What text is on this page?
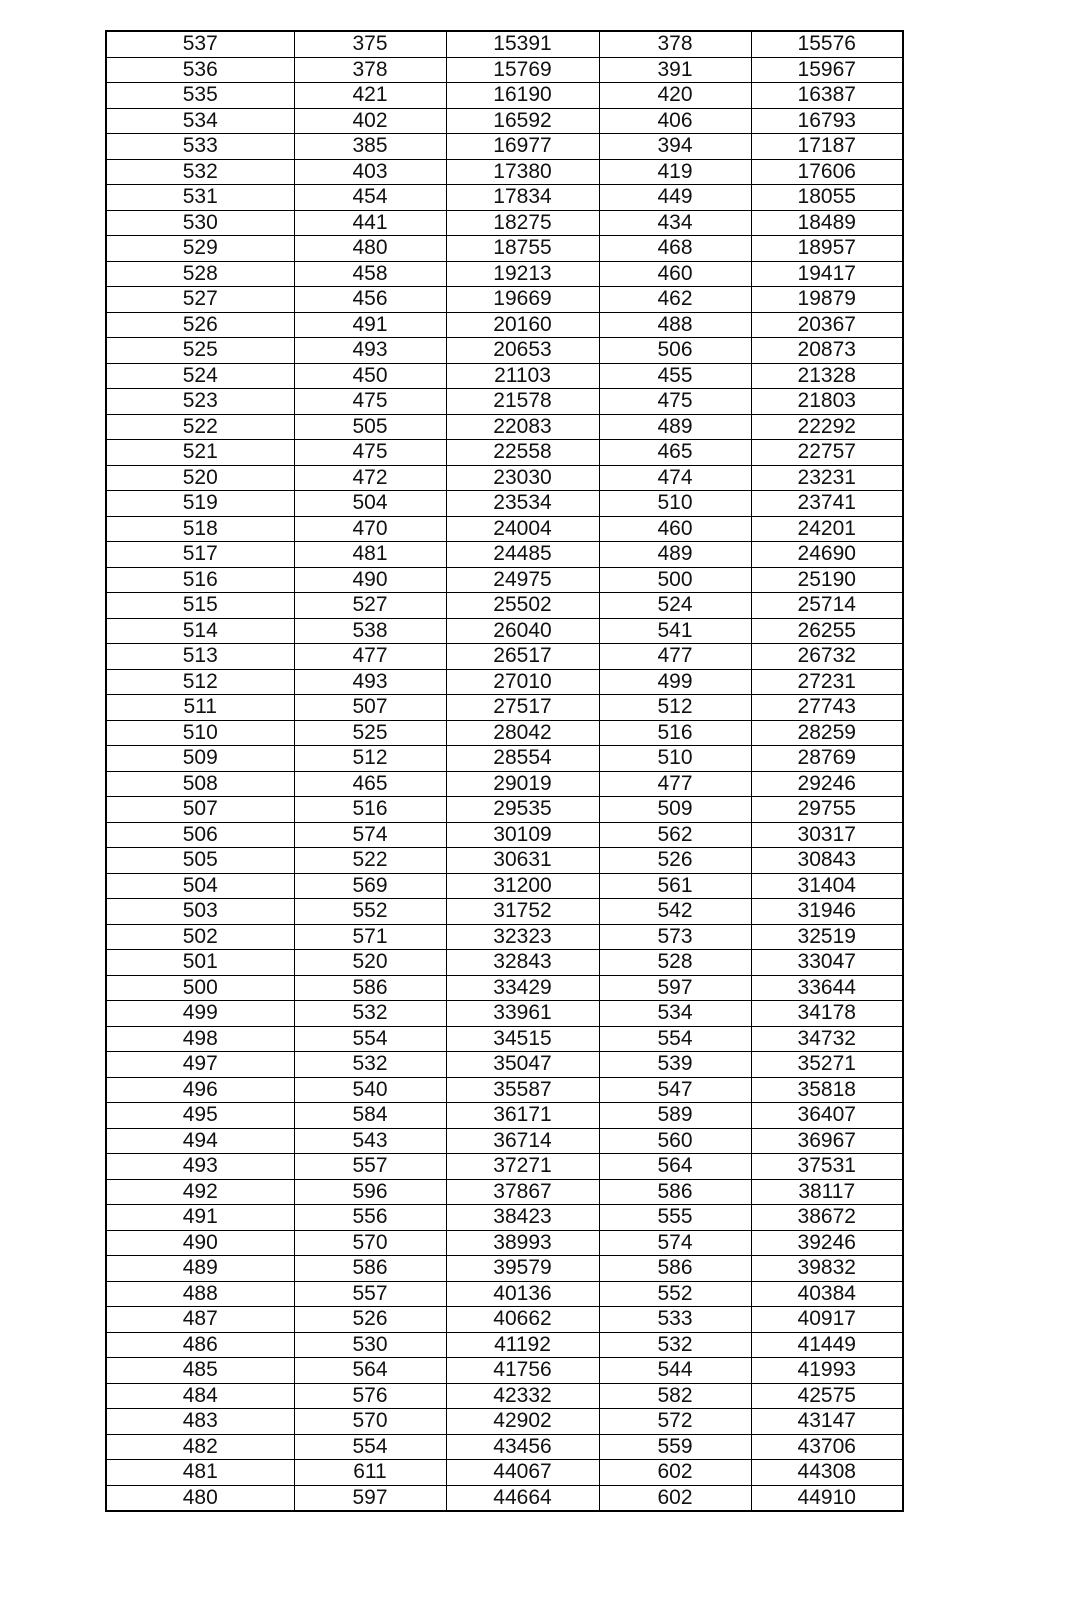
537	375	15391	378	15576
536	378	15769	391	15967
535	421	16190	420	16387
534	402	16592	406	16793
533	385	16977	394	17187
532	403	17380	419	17606
531	454	17834	449	18055
530	441	18275	434	18489
529	480	18755	468	18957
528	458	19213	460	19417
527	456	19669	462	19879
526	491	20160	488	20367
525	493	20653	506	20873
524	450	21103	455	21328
523	475	21578	475	21803
522	505	22083	489	22292
521	475	22558	465	22757
520	472	23030	474	23231
519	504	23534	510	23741
518	470	24004	460	24201
517	481	24485	489	24690
516	490	24975	500	25190
515	527	25502	524	25714
514	538	26040	541	26255
513	477	26517	477	26732
512	493	27010	499	27231
511	507	27517	512	27743
510	525	28042	516	28259
509	512	28554	510	28769
508	465	29019	477	29246
507	516	29535	509	29755
506	574	30109	562	30317
505	522	30631	526	30843
504	569	31200	561	31404
503	552	31752	542	31946
502	571	32323	573	32519
501	520	32843	528	33047
500	586	33429	597	33644
499	532	33961	534	34178
498	554	34515	554	34732
497	532	35047	539	35271
496	540	35587	547	35818
495	584	36171	589	36407
494	543	36714	560	36967
493	557	37271	564	37531
492	596	37867	586	38117
491	556	38423	555	38672
490	570	38993	574	39246
489	586	39579	586	39832
488	557	40136	552	40384
487	526	40662	533	40917
486	530	41192	532	41449
485	564	41756	544	41993
484	576	42332	582	42575
483	570	42902	572	43147
482	554	43456	559	43706
481	611	44067	602	44308
480	597	44664	602	44910
